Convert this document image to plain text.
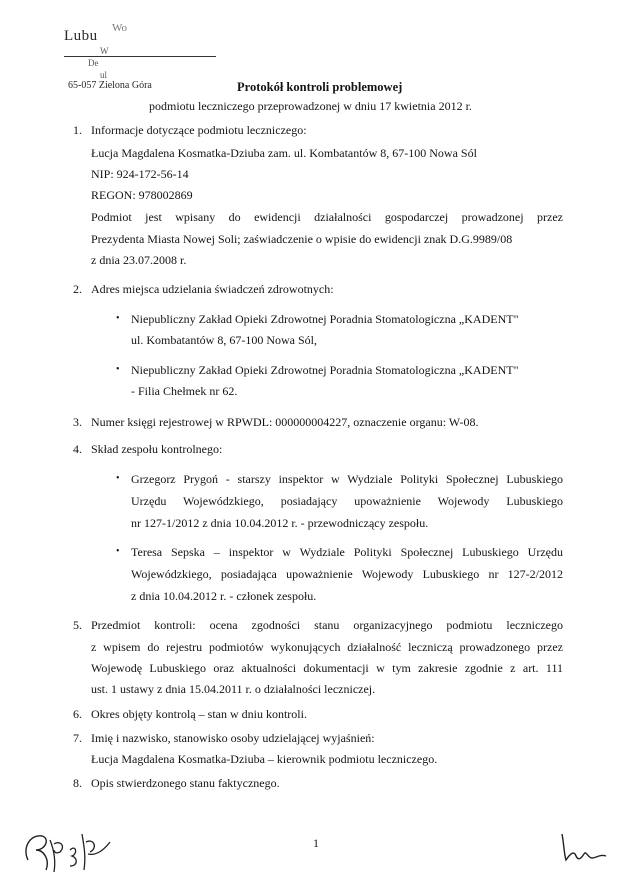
Lubu Wo
W
De
ul
65-057 Zielona Góra	Protokół kontroli problemowej
podmiotu leczniczego przeprowadzonej w dniu 17 kwietnia 2012 r.
1. Informacje dotyczące podmiotu leczniczego:
Łucja Magdalena Kosmatka-Dziuba zam. ul. Kombatantów 8, 67-100 Nowa Sól
NIP: 924-172-56-14
REGON: 978002869
Podmiot jest wpisany do ewidencji działalności gospodarczej prowadzonej przez
Prezydenta Miasta Nowej Soli; zaświadczenie o wpisie do ewidencji znak D.G.9989/08
z dnia 23.07.2008 r.
2. Adres miejsca udzielania świadczeń zdrowotnych:
• Niepubliczny Zakład Opieki Zdrowotnej Poradnia Stomatologiczna „KADENT"
ul. Kombatantów 8, 67-100 Nowa Sól,
• Niepubliczny Zakład Opieki Zdrowotnej Poradnia Stomatologiczna „KADENT"
- Filia Chełmek nr 62.
3. Numer księgi rejestrowej w RPWDL: 000000004227, oznaczenie organu: W-08.
4. Skład zespołu kontrolnego:
• Grzegorz Prygoń - starszy inspektor w Wydziale Polityki Społecznej Lubuskiego
Urzędu Wojewódzkiego, posiadający upoważnienie Wojewody Lubuskiego
nr 127-1/2012 z dnia 10.04.2012 r. - przewodniczący zespołu.
• Teresa Sepska – inspektor w Wydziale Polityki Społecznej Lubuskiego Urzędu
Wojewódzkiego, posiadająca upoważnienie Wojewody Lubuskiego nr 127-2/2012
z dnia 10.04.2012 r. - członek zespołu.
5. Przedmiot kontroli: ocena zgodności stanu organizacyjnego podmiotu leczniczego
z wpisem do rejestru podmiotów wykonujących działalność leczniczą prowadzonego przez
Wojewodę Lubuskiego oraz aktualności dokumentacji w tym zakresie zgodnie z art. 111
ust. 1 ustawy z dnia 15.04.2011 r. o działalności leczniczej.
6. Okres objęty kontrolą – stan w dniu kontroli.
7. Imię i nazwisko, stanowisko osoby udzielającej wyjaśnień:
Łucja Magdalena Kosmatka-Dziuba – kierownik podmiotu leczniczego.
8. Opis stwierdzonego stanu faktycznego.
1
